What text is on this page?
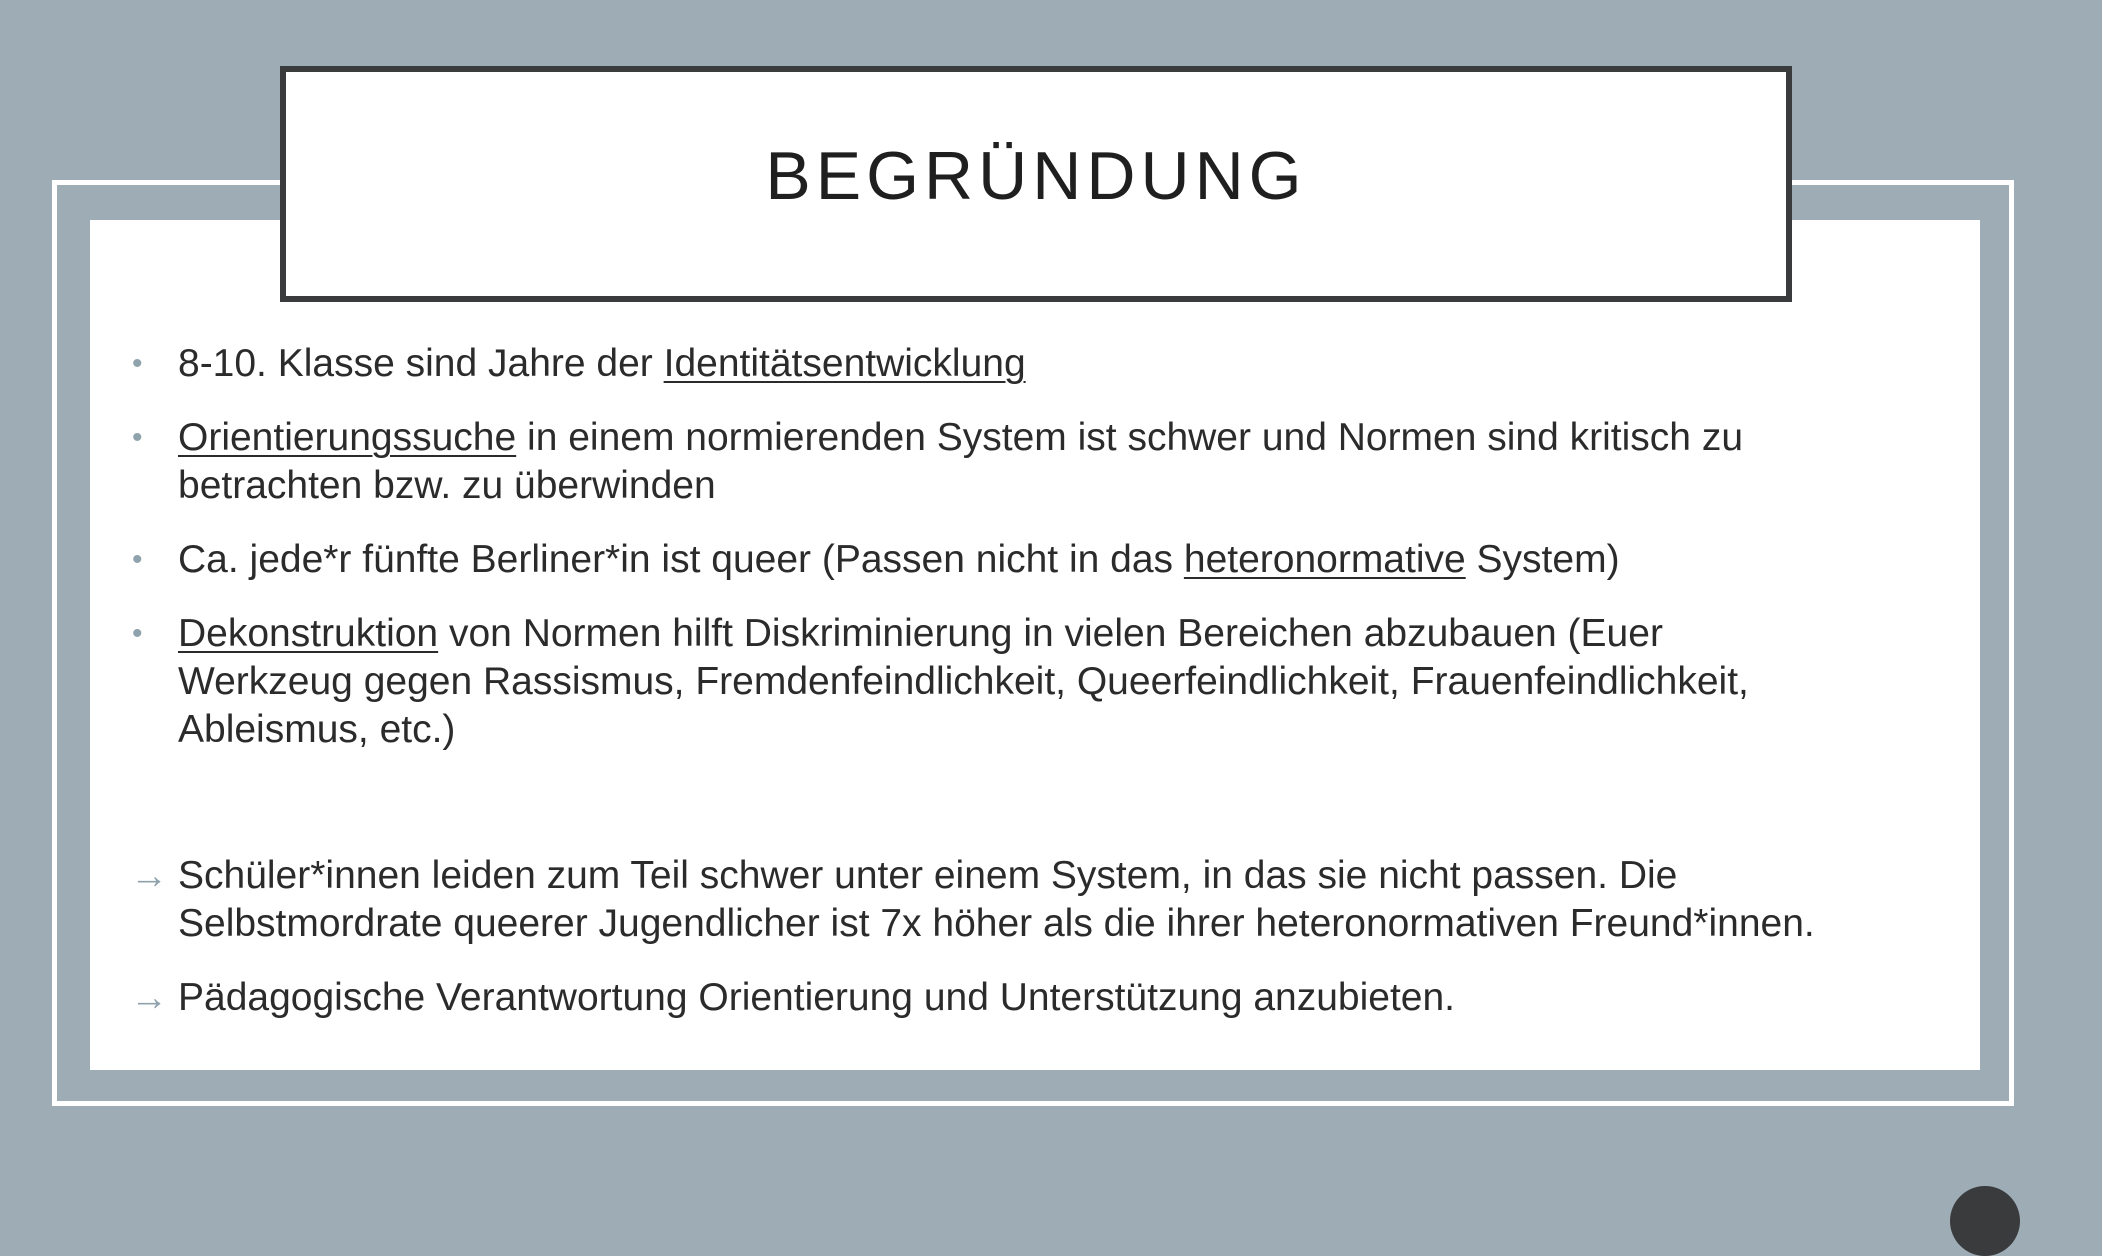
BEGRÜNDUNG

• 8-10. Klasse sind Jahre der Identitätsentwicklung

• Orientierungssuche in einem normierenden System ist schwer und Normen sind kritisch zu
betrachten bzw. zu überwinden

• Ca. jede*r fünfte Berliner*in ist queer (Passen nicht in das heteronormative System)

• Dekonstruktion von Normen hilft Diskriminierung in vielen Bereichen abzubauen (Euer
Werkzeug gegen Rassismus, Fremdenfeindlichkeit, Queerfeindlichkeit, Frauenfeindlichkeit,
Ableismus, etc.)

→ Schüler*innen leiden zum Teil schwer unter einem System, in das sie nicht passen. Die
Selbstmordrate queerer Jugendlicher ist 7x höher als die ihrer heteronormativen Freund*innen.

→ Pädagogische Verantwortung Orientierung und Unterstützung anzubieten.
